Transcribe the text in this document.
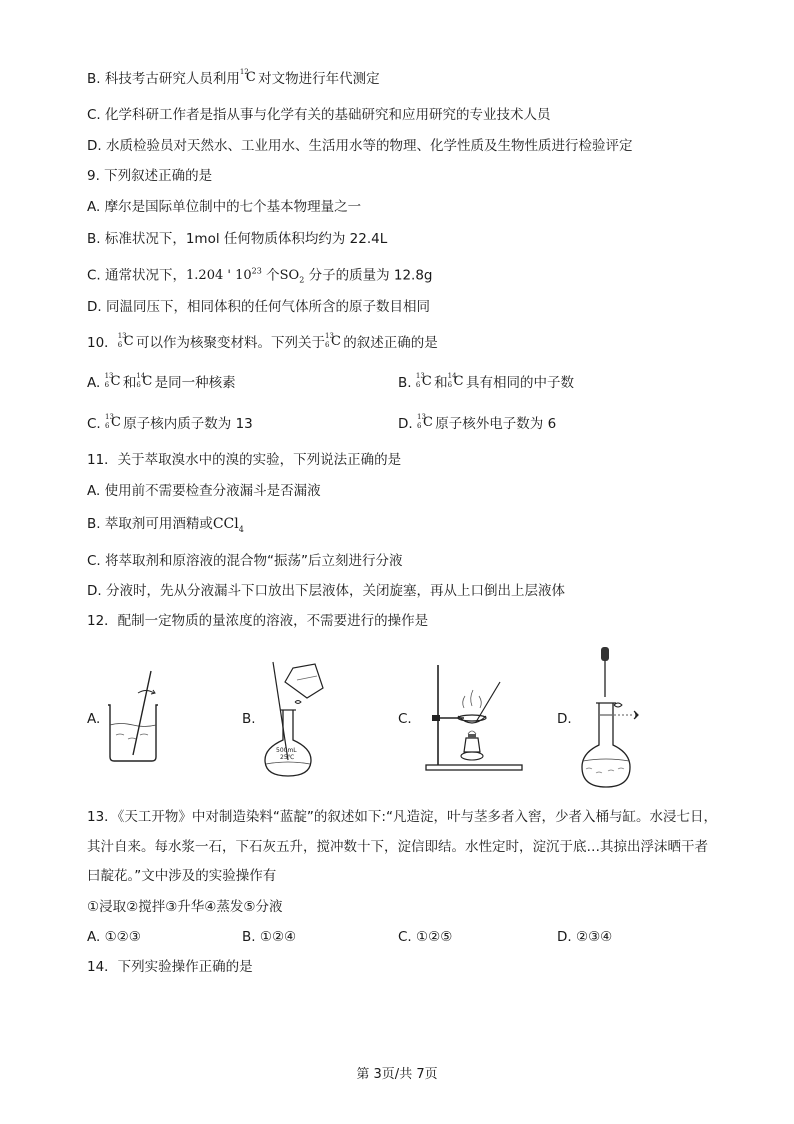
B. 科技考古研究人员利用 12
C
对文物进行年代测定
C. 化学科研工作者是指从事与化学有关的基础研究和应用研究的专业技术人员
D. 水质检验员对天然水、工业用水、生活用水等的物理、化学性质及生物性质进行检验评定
9. 下列叙述正确的是
A. 摩尔是国际单位制中的七个基本物理量之一
B. 标准状况下，1mol 任何物质体积均约为 22.4L
C. 通常状况下，1.204 ' $10^{23}$ 个$SO_2$ 分子的质量为 12.8g
D. 同温同压下，相同体积的任何气体所含的原子数目相同
10． 13
6 C
可以作为核聚变材料。下列关于 13
6 C
的叙述正确的是
A. 13
6 C
和 14
6 C
是同一种核素	B. 13
6 C
和 14
6 C
具有相同的中子数
C. 13
6 C
原子核内质子数为 13	D. 13
6 C
原子核外电子数为 6
11．关于萃取溴水中的溴的实验，下列说法正确的是
A. 使用前不需要检查分液漏斗是否漏液
B. 萃取剂可用酒精或CCl$_4$
C. 将萃取剂和原溶液的混合物“振荡”后立刻进行分液
D. 分液时，先从分液漏斗下口放出下层液体，关闭旋塞，再从上口倒出上层液体
12．配制一定物质的量浓度的溶液，不需要进行的操作是
A.	B.	C.	D.
500mL
25℃
13．《天工开物》中对制造染料“蓝靛”的叙述如下:“凡造淀，叶与茎多者入窖，少者入桶与缸。水浸七日，
其汁自来。每水浆一石，下石灰五升，搅冲数十下，淀信即结。水性定时，淀沉于底…其掠出浮沫晒干者
曰靛花。”文中涉及的实验操作有
①浸取②搅拌③升华④蒸发⑤分液
A. ①②③	B. ①②④	C. ①②⑤	D. ②③④
14．下列实验操作正确的是
第 3页/共 7页
